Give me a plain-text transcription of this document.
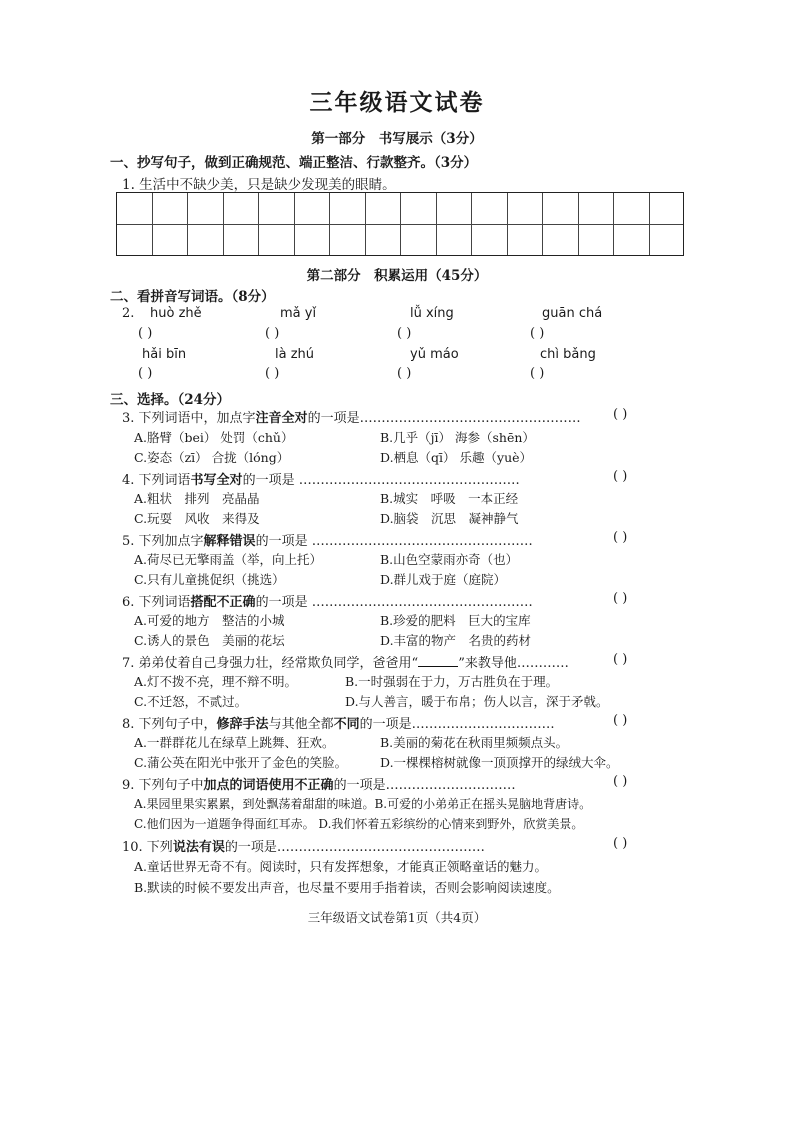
三年级语文试卷
第一部分　书写展示（3分）
一、抄写句子，做到正确规范、端正整洁、行款整齐。（3分）
1. 生活中不缺少美，只是缺少发现美的眼睛。
第二部分　积累运用（45分）
二、看拼音写词语。（8分）
2. huò zhě	mǎ yǐ	lǚ xíng	guān chá
( )	( )	( )	( )
hǎi bīn	là zhú	yǔ máo	chì bǎng
( )	( )	( )	( )
三、选择。（24分）
3. 下列词语中，加点字注音全对的一项是…………………………………………… ( )
A.胳臂（bei） 处罚（chǔ）	B.几乎（jī） 海参（shēn）
C.姿态（zī） 合拢（lóng）	D.栖息（qī） 乐趣（yuè）
4. 下列词语书写全对的一项是 ……………………………………………	( )
A.粗状　排列　亮晶晶	B.城实　呼吸　一本正经
C.玩耍　风收　来得及	D.脑袋　沉思　凝神静气
5. 下列加点字解释错误的一项是 ……………………………………………	( )
A.荷尽已无擎雨盖（举，向上托）	B.山色空蒙雨亦奇（也）
C.只有儿童挑促织（挑选）	D.群儿戏于庭（庭院）
6. 下列词语搭配不正确的一项是 ……………………………………………	( )
A.可爱的地方　整洁的小城	B.珍爱的肥料　巨大的宝库
C.诱人的景色　美丽的花坛	D.丰富的物产　名贵的药材
7. 弟弟仗着自己身强力壮，经常欺负同学，爸爸用“	”来教导他…………	( )
A.灯不拨不亮，理不辩不明。	B.一时强弱在于力，万古胜负在于理。
C.不迁怒，不贰过。	D.与人善言，暖于布帛；伤人以言，深于矛戟。
8. 下列句子中，修辞手法与其他全都不同的一项是……………………………	( )
A.一群群花儿在绿草上跳舞、狂欢。	B.美丽的菊花在秋雨里频频点头。
C.蒲公英在阳光中张开了金色的笑脸。	D.一棵棵榕树就像一顶顶撑开的绿绒大伞。
9. 下列句子中加点的词语使用不正确的一项是…………………………	( )
A.果园里果实累累，到处飘荡着甜甜的味道。B.可爱的小弟弟正在摇头晃脑地背唐诗。
C.他们因为一道题争得面红耳赤。 D.我们怀着五彩缤纷的心情来到野外，欣赏美景。
10. 下列说法有误的一项是…………………………………………	( )
A.童话世界无奇不有。阅读时，只有发挥想象，才能真正领略童话的魅力。
B.默读的时候不要发出声音，也尽量不要用手指着读，否则会影响阅读速度。
三年级语文试卷第1页（共4页）
